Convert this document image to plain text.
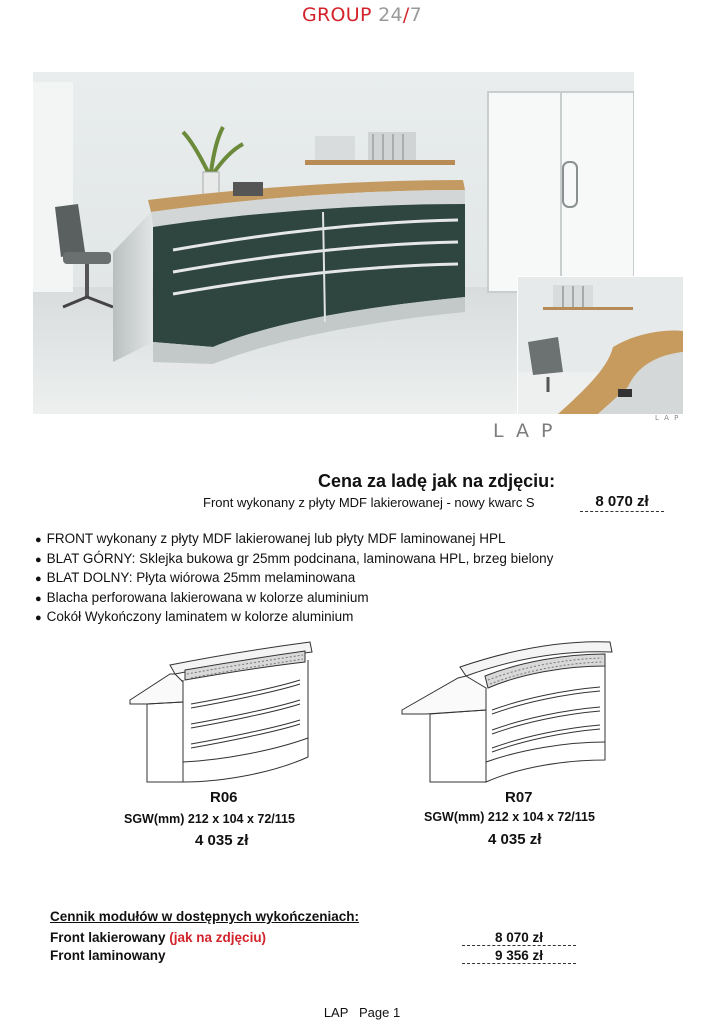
GROUP 24/7
L A P
LAP
Cena za ladę jak na zdjęciu:
Front wykonany z płyty MDF lakierowanej - nowy kwarc S	8 070 zł
● FRONT wykonany z płyty MDF lakierowanej lub płyty MDF laminowanej HPL
● BLAT GÓRNY: Sklejka bukowa gr 25mm podcinana, laminowana HPL, brzeg bielony
● BLAT DOLNY: Płyta wiórowa 25mm melaminowana
● Blacha perforowana lakierowana w kolorze aluminium
● Cokół Wykończony laminatem w kolorze aluminium
R06
SGW(mm) 212 x 104 x 72/115
4 035 zł
R07
SGW(mm) 212 x 104 x 72/115
4 035 zł
Cennik modułów w dostępnych wykończeniach:
Front lakierowany (jak na zdjęciu)	8 070 zł
Front laminowany	9 356 zł
LAP   Page 1
